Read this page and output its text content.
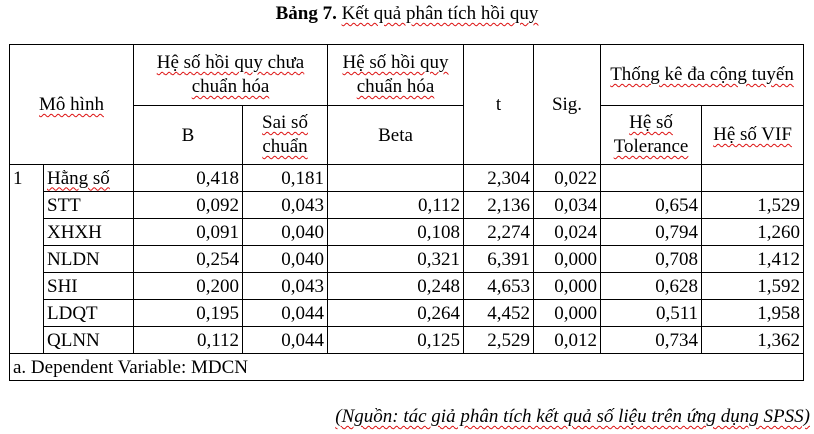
Bảng 7. Kết quả phân tích hồi quy
Mô hình		Hệ số hồi quy chưa chuẩn hóa		Hệ số hồi quy chuẩn hóa	t	Sig.	Thống kê đa cộng tuyến	
		B	Sai số chuẩn	Beta			Hệ số Tolerance	Hệ số VIF
1	Hằng số	0,418	0,181		2,304	0,022		
	STT	0,092	0,043	0,112	2,136	0,034	0,654	1,529
	XHXH	0,091	0,040	0,108	2,274	0,024	0,794	1,260
	NLDN	0,254	0,040	0,321	6,391	0,000	0,708	1,412
	SHI	0,200	0,043	0,248	4,653	0,000	0,628	1,592
	LDQT	0,195	0,044	0,264	4,452	0,000	0,511	1,958
	QLNN	0,112	0,044	0,125	2,529	0,012	0,734	1,362
a. Dependent Variable: MDCN								
(Nguồn: tác giả phân tích kết quả số liệu trên ứng dụng SPSS)
